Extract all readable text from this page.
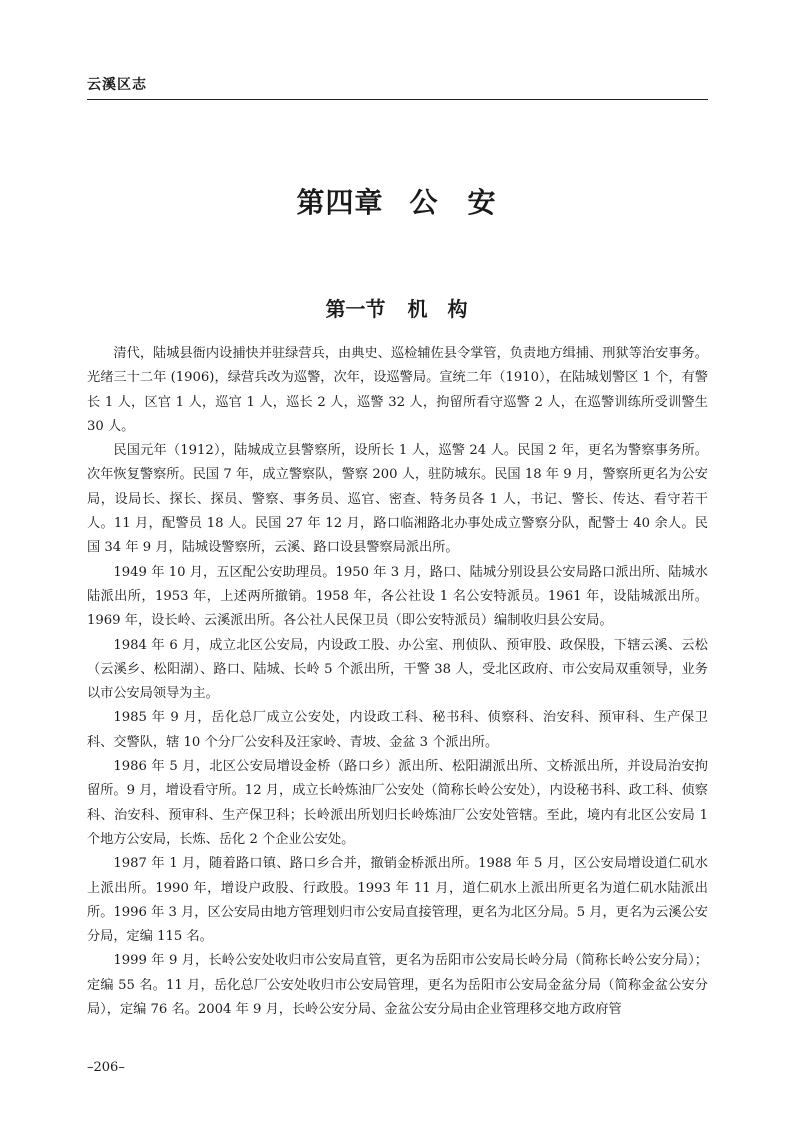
云溪区志
第四章 公　安
第一节 机　构

清代，陆城县衙内设捕快并驻绿营兵，由典史、巡检辅佐县令掌管，负责地方缉捕、刑狱等治安事务。光绪三十二年 (1906)，绿营兵改为巡警，次年，设巡警局。宣统二年（1910），在陆城划警区 1 个，有警长 1 人，区官 1 人，巡官 1 人，巡长 2 人，巡警 32 人，拘留所看守巡警 2 人，在巡警训练所受训警生 30 人。

民国元年（1912），陆城成立县警察所，设所长 1 人，巡警 24 人。民国 2 年，更名为警察事务所。次年恢复警察所。民国 7 年，成立警察队，警察 200 人，驻防城东。民国 18 年 9 月，警察所更名为公安局，设局长、探长、探员、警察、事务员、巡官、密查、特务员各 1 人，书记、警长、传达、看守若干人。11 月，配警员 18 人。民国 27 年 12 月，路口临湘路北办事处成立警察分队，配警士 40 余人。民国 34 年 9 月，陆城设警察所，云溪、路口设县警察局派出所。

1949 年 10 月，五区配公安助理员。1950 年 3 月，路口、陆城分别设县公安局路口派出所、陆城水陆派出所，1953 年，上述两所撤销。1958 年，各公社设 1 名公安特派员。1961 年，设陆城派出所。1969 年，设长岭、云溪派出所。各公社人民保卫员（即公安特派员）编制收归县公安局。

1984 年 6 月，成立北区公安局，内设政工股、办公室、刑侦队、预审股、政保股，下辖云溪、云松（云溪乡、松阳湖）、路口、陆城、长岭 5 个派出所，干警 38 人，受北区政府、市公安局双重领导，业务以市公安局领导为主。

1985 年 9 月，岳化总厂成立公安处，内设政工科、秘书科、侦察科、治安科、预审科、生产保卫科、交警队，辖 10 个分厂公安科及汪家岭、青坡、金盆 3 个派出所。

1986 年 5 月，北区公安局增设金桥（路口乡）派出所、松阳湖派出所、文桥派出所，并设局治安拘留所。9 月，增设看守所。12 月，成立长岭炼油厂公安处（简称长岭公安处），内设秘书科、政工科、侦察科、治安科、预审科、生产保卫科；长岭派出所划归长岭炼油厂公安处管辖。至此，境内有北区公安局 1 个地方公安局，长炼、岳化 2 个企业公安处。

1987 年 1 月，随着路口镇、路口乡合并，撤销金桥派出所。1988 年 5 月，区公安局增设道仁矶水上派出所。1990 年，增设户政股、行政股。1993 年 11 月，道仁矶水上派出所更名为道仁矶水陆派出所。1996 年 3 月，区公安局由地方管理划归市公安局直接管理，更名为北区分局。5 月，更名为云溪公安分局，定编 115 名。

1999 年 9 月，长岭公安处收归市公安局直管，更名为岳阳市公安局长岭分局（简称长岭公安分局）；定编 55 名。11 月，岳化总厂公安处收归市公安局管理，更名为岳阳市公安局金盆分局（简称金盆公安分局），定编 76 名。2004 年 9 月，长岭公安分局、金盆公安分局由企业管理移交地方政府管

–206–
